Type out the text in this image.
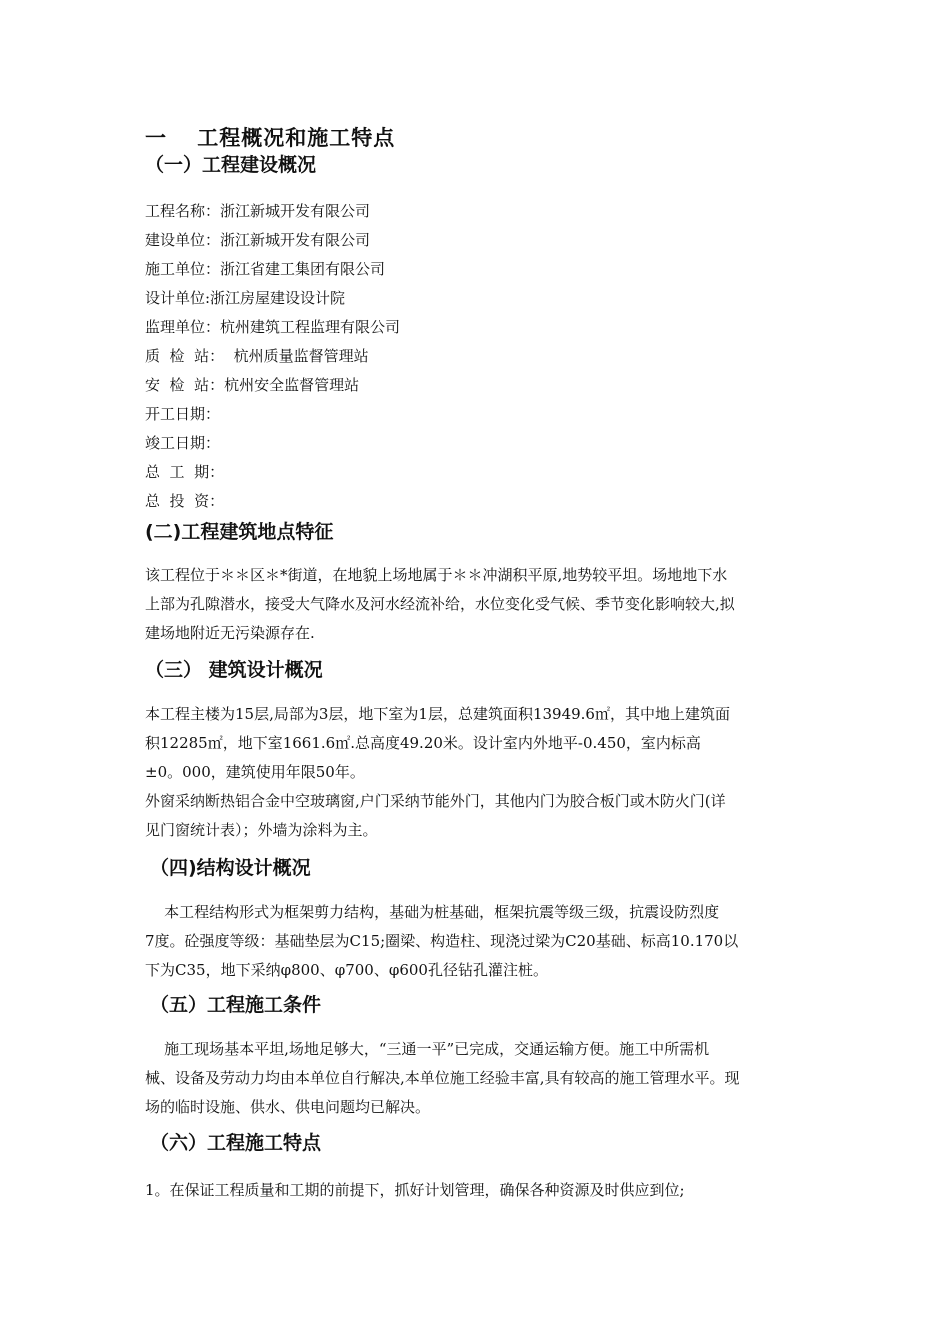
一　 工程概况和施工特点
（一）工程建设概况
工程名称：浙江新城开发有限公司
建设单位：浙江新城开发有限公司
施工单位：浙江省建工集团有限公司
设计单位:浙江房屋建设设计院
监理单位：杭州建筑工程监理有限公司
质  检  站：  杭州质量监督管理站
安  检  站：杭州安全监督管理站
开工日期：
竣工日期：
总  工  期：
总  投  资：
(二)工程建筑地点特征
该工程位于＊＊区＊*街道，在地貌上场地属于＊＊冲湖积平原,地势较平坦。场地地下水
上部为孔隙潜水，接受大气降水及河水经流补给，水位变化受气候、季节变化影响较大,拟
建场地附近无污染源存在.
（三） 建筑设计概况
本工程主楼为15层,局部为3层，地下室为1层，总建筑面积13949.6㎡，其中地上建筑面
积12285㎡，地下室1661.6㎡.总高度49.20米。设计室内外地平-0.450，室内标高
±0。000，建筑使用年限50年。
外窗采纳断热铝合金中空玻璃窗,户门采纳节能外门，其他内门为胶合板门或木防火门(详
见门窗统计表）；外墙为涂料为主。
（四)结构设计概况
本工程结构形式为框架剪力结构，基础为桩基础，框架抗震等级三级，抗震设防烈度
7度。砼强度等级：基础垫层为C15;圈梁、构造柱、现浇过梁为C20基础、标高10.170以
下为C35，地下采纳φ800、φ700、φ600孔径钻孔灌注桩。
（五）工程施工条件
施工现场基本平坦,场地足够大，“三通一平”已完成，交通运输方便。施工中所需机
械、设备及劳动力均由本单位自行解决,本单位施工经验丰富,具有较高的施工管理水平。现
场的临时设施、供水、供电问题均已解决。
（六）工程施工特点
1。在保证工程质量和工期的前提下，抓好计划管理，确保各种资源及时供应到位;
